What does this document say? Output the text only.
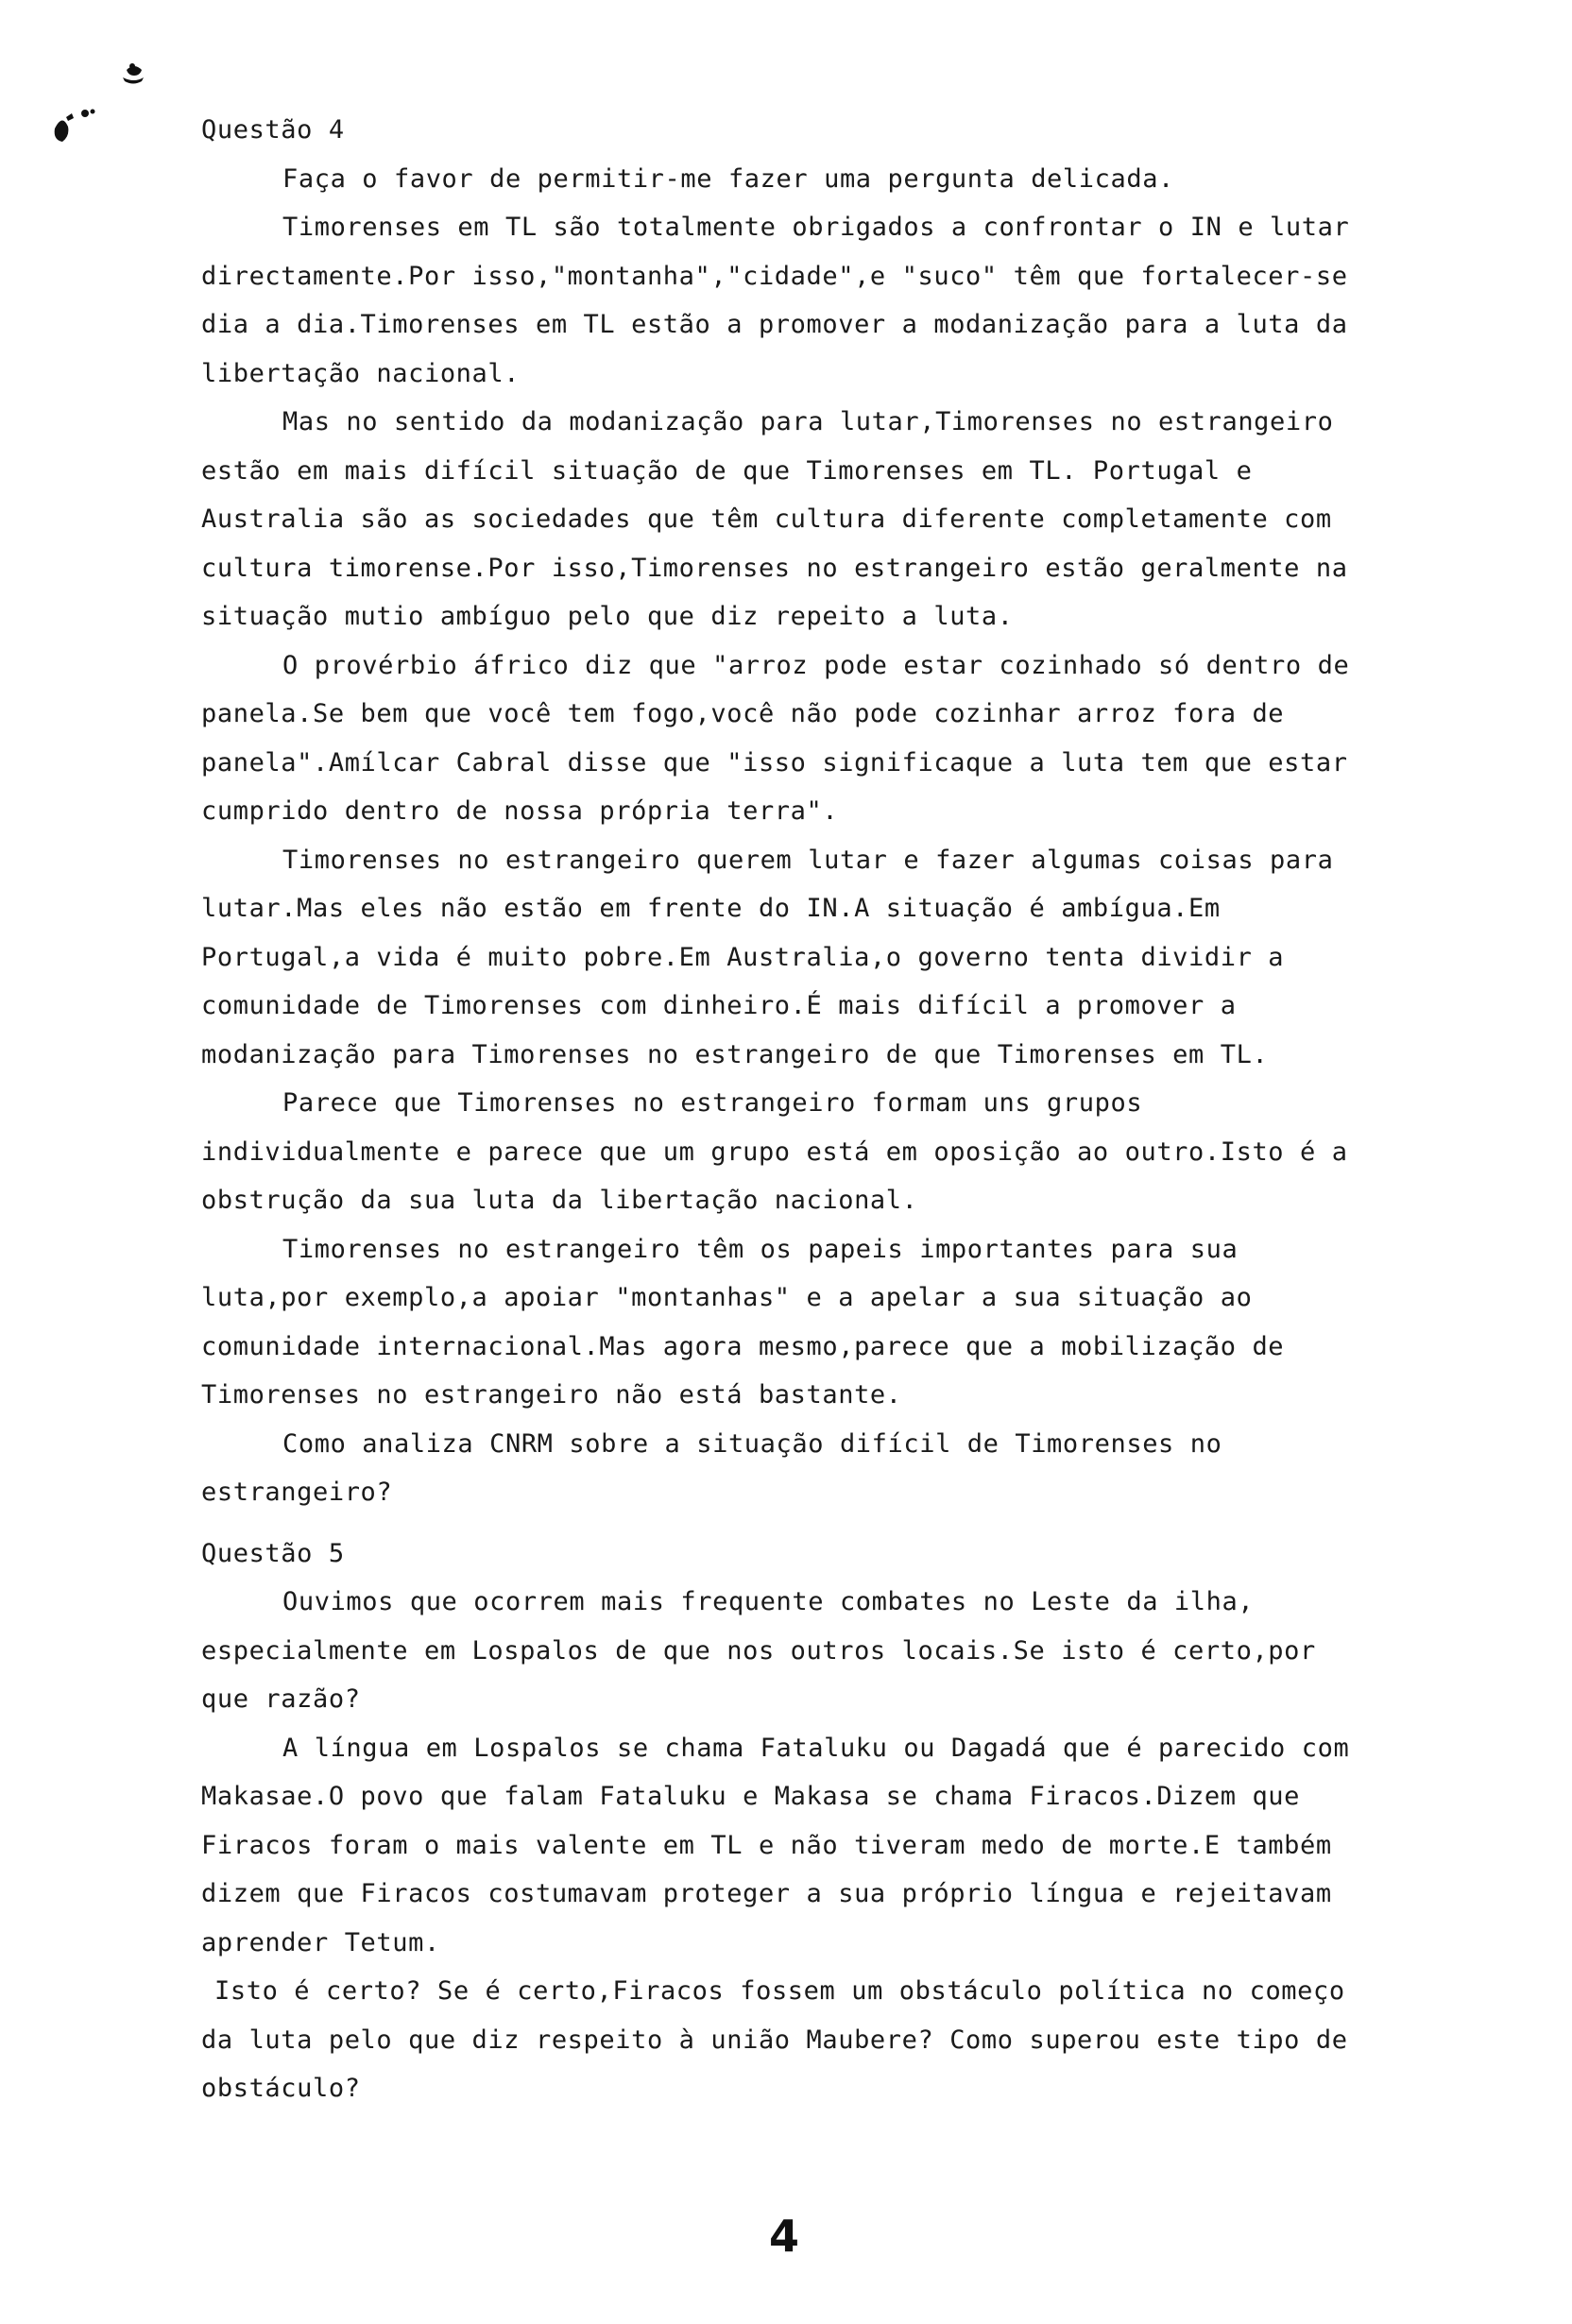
Questão 4

Faça o favor de permitir-me fazer uma pergunta delicada.

Timorenses em TL são totalmente obrigados a confrontar o IN e lutar directamente.Por isso,"montanha","cidade",e "suco" têm que fortalecer-se dia a dia.Timorenses em TL estão a promover a modanização para a luta da libertação nacional.

Mas no sentido da modanização para lutar,Timorenses no estrangeiro estão em mais difícil situação de que Timorenses em TL. Portugal e Australia são as sociedades que têm cultura diferente completamente com cultura timorense.Por isso,Timorenses no estrangeiro estão geralmente na situação mutio ambíguo pelo que diz repeito a luta.

O provérbio áfrico diz que "arroz pode estar cozinhado só dentro de panela.Se bem que você tem fogo,você não pode cozinhar arroz fora de panela".Amílcar Cabral disse que "isso significaque a luta tem que estar cumprido dentro de nossa própria terra".

Timorenses no estrangeiro querem lutar e fazer algumas coisas para lutar.Mas eles não estão em frente do IN.A situação é ambígua.Em Portugal,a vida é muito pobre.Em Australia,o governo tenta dividir a comunidade de Timorenses com dinheiro.É mais difícil a promover a modanização para Timorenses no estrangeiro de que Timorenses em TL.

Parece que Timorenses no estrangeiro formam uns grupos individualmente e parece que um grupo está em oposição ao outro.Isto é a obstrução da sua luta da libertação nacional.

Timorenses no estrangeiro têm os papeis importantes para sua luta,por exemplo,a apoiar "montanhas" e a apelar a sua situação ao comunidade internacional.Mas agora mesmo,parece que a mobilização de Timorenses no estrangeiro não está bastante.

Como analiza CNRM sobre a situação difícil de Timorenses no estrangeiro?

Questão 5

Ouvimos que ocorrem mais frequente combates no Leste da ilha, especialmente em Lospalos de que nos outros locais.Se isto é certo,por que razão?

A língua em Lospalos se chama Fataluku ou Dagadá que é parecido com Makasae.O povo que falam Fataluku e Makasa se chama Firacos.Dizem que Firacos foram o mais valente em TL e não tiveram medo de morte.E também dizem que Firacos costumavam proteger a sua próprio língua e rejeitavam aprender Tetum.

Isto é certo? Se é certo,Firacos fossem um obstáculo política no começo da luta pelo que diz respeito à união Maubere? Como superou este tipo de obstáculo?

4
